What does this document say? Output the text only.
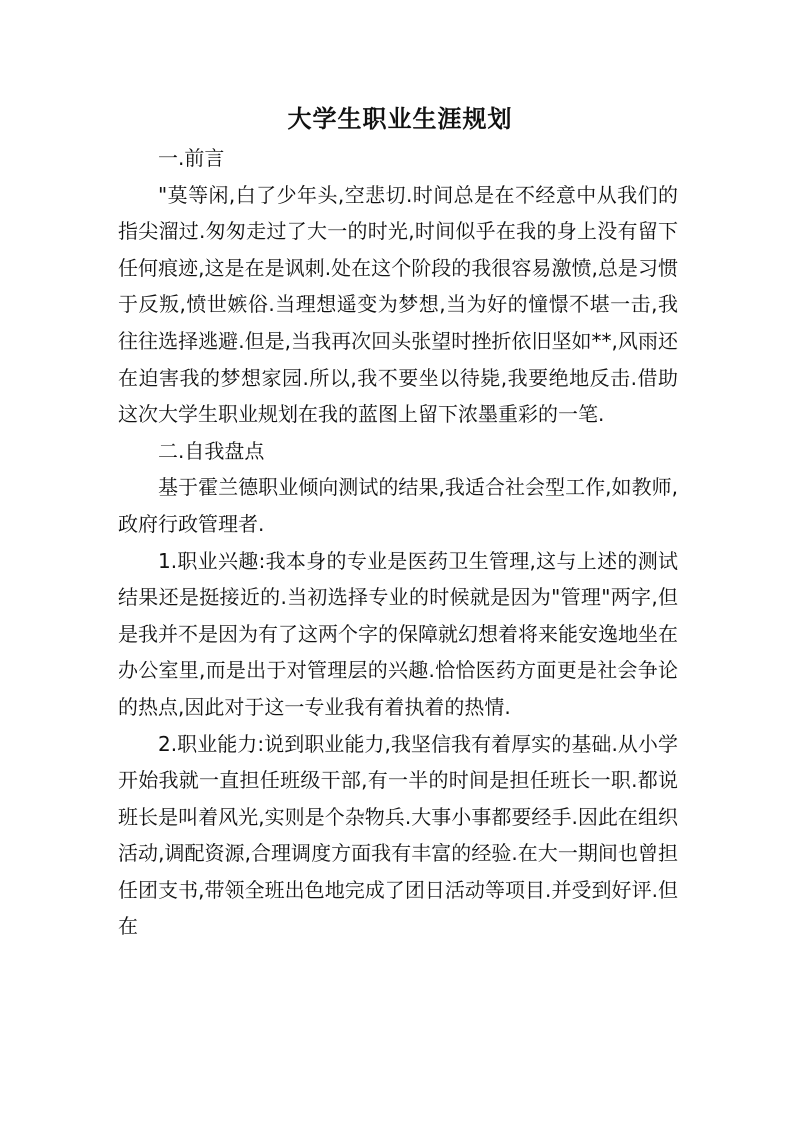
大学生职业生涯规划

一.前言

"莫等闲,白了少年头,空悲切.时间总是在不经意中从我们的指尖溜过.匆匆走过了大一的时光,时间似乎在我的身上没有留下任何痕迹,这是在是讽刺.处在这个阶段的我很容易激愤,总是习惯于反叛,愤世嫉俗.当理想遥变为梦想,当为好的憧憬不堪一击,我往往选择逃避.但是,当我再次回头张望时挫折依旧坚如**,风雨还在迫害我的梦想家园.所以,我不要坐以待毙,我要绝地反击.借助这次大学生职业规划在我的蓝图上留下浓墨重彩的一笔.

二.自我盘点

基于霍兰德职业倾向测试的结果,我适合社会型工作,如教师,政府行政管理者.

1.职业兴趣:我本身的专业是医药卫生管理,这与上述的测试结果还是挺接近的.当初选择专业的时候就是因为"管理"两字,但是我并不是因为有了这两个字的保障就幻想着将来能安逸地坐在办公室里,而是出于对管理层的兴趣.恰恰医药方面更是社会争论的热点,因此对于这一专业我有着执着的热情.

2.职业能力:说到职业能力,我坚信我有着厚实的基础.从小学开始我就一直担任班级干部,有一半的时间是担任班长一职.都说班长是叫着风光,实则是个杂物兵.大事小事都要经手.因此在组织活动,调配资源,合理调度方面我有丰富的经验.在大一期间也曾担任团支书,带领全班出色地完成了团日活动等项目.并受到好评.但在
